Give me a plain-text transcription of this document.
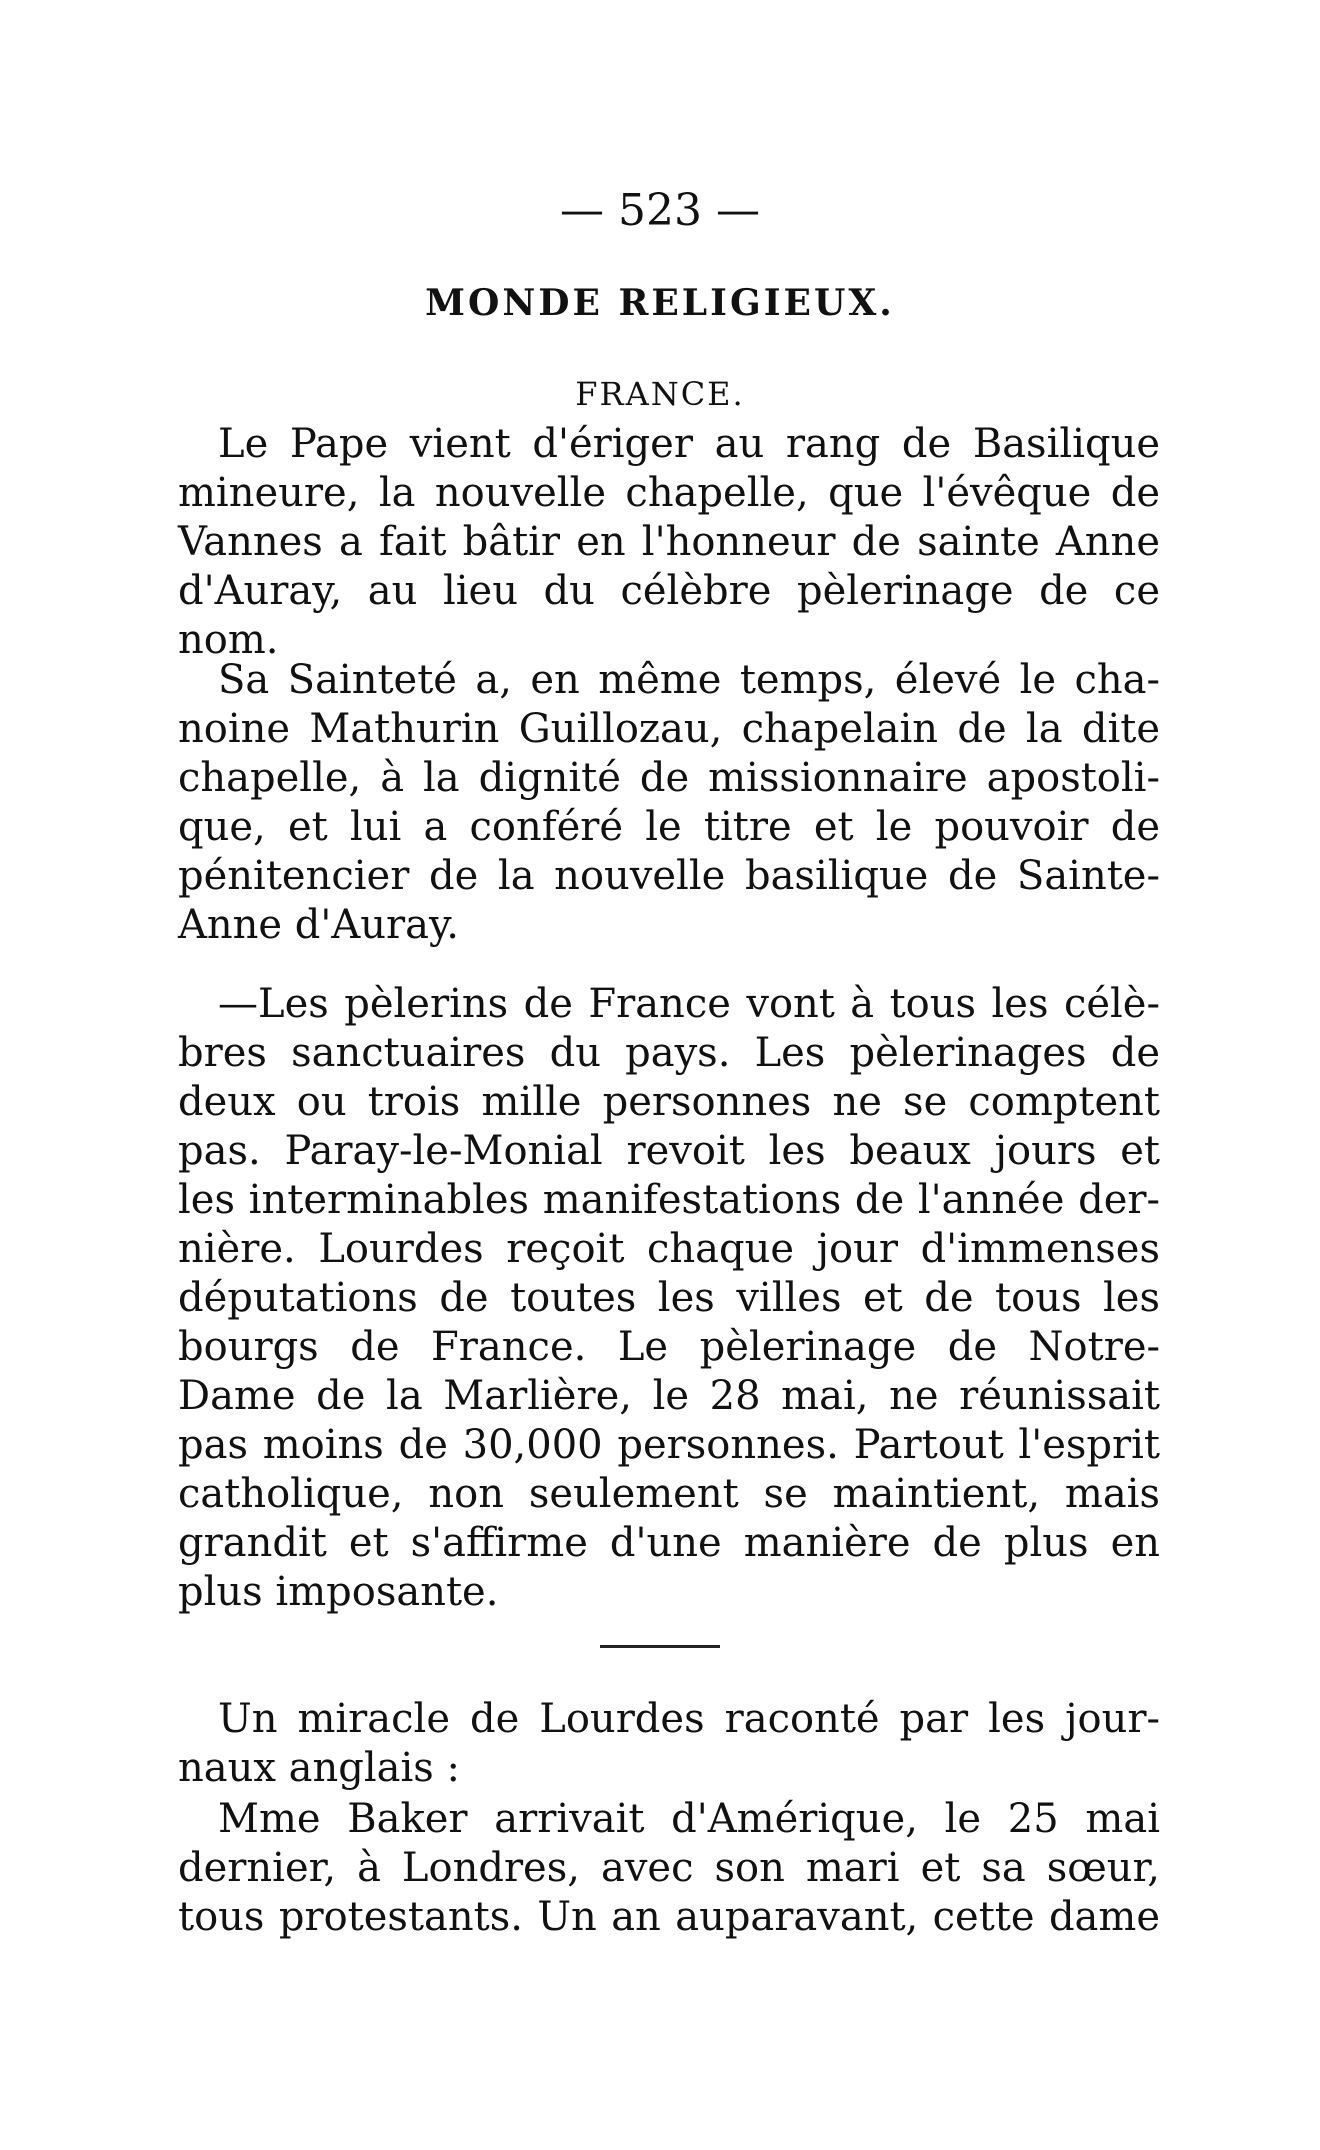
— 523 —
MONDE RELIGIEUX.
FRANCE.
Le Pape vient d'ériger au rang de Basilique
mineure, la nouvelle chapelle, que l'évêque de
Vannes a fait bâtir en l'honneur de sainte Anne
d'Auray, au lieu du célèbre pèlerinage de ce
nom.
Sa Sainteté a, en même temps, élevé le cha-
noine Mathurin Guillozau, chapelain de la dite
chapelle, à la dignité de missionnaire apostoli-
que, et lui a conféré le titre et le pouvoir de
pénitencier de la nouvelle basilique de Sainte-
Anne d'Auray.
—Les pèlerins de France vont à tous les célè-
bres sanctuaires du pays. Les pèlerinages de
deux ou trois mille personnes ne se comptent
pas. Paray-le-Monial revoit les beaux jours et
les interminables manifestations de l'année der-
nière. Lourdes reçoit chaque jour d'immenses
députations de toutes les villes et de tous les
bourgs de France. Le pèlerinage de Notre-
Dame de la Marlière, le 28 mai, ne réunissait
pas moins de 30,000 personnes. Partout l'esprit
catholique, non seulement se maintient, mais
grandit et s'affirme d'une manière de plus en
plus imposante.
Un miracle de Lourdes raconté par les jour-
naux anglais :
Mme Baker arrivait d'Amérique, le 25 mai
dernier, à Londres, avec son mari et sa sœur,
tous protestants. Un an auparavant, cette dame
